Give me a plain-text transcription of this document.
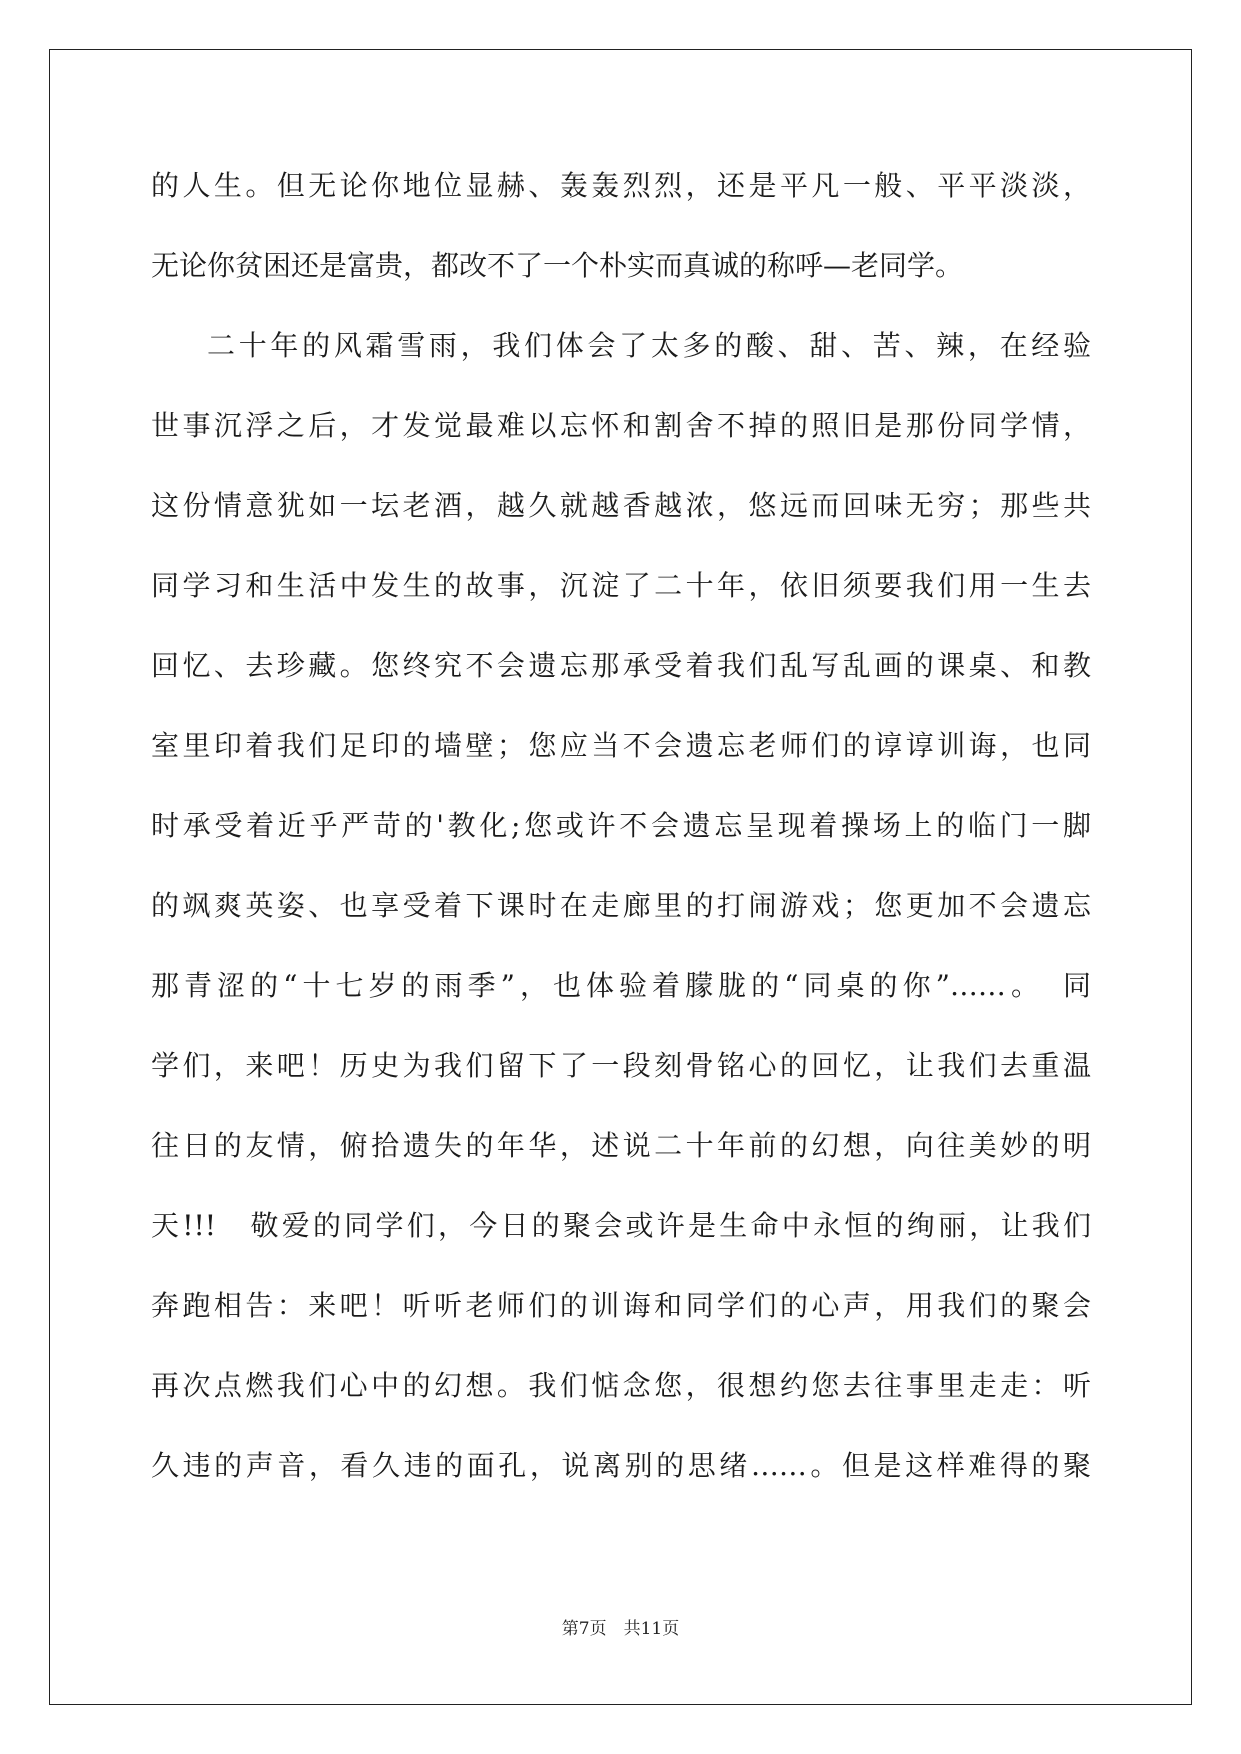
的人生。但无论你地位显赫、轰轰烈烈，还是平凡一般、平平淡淡，
无论你贫困还是富贵，都改不了一个朴实而真诚的称呼—老同学。
二十年的风霜雪雨，我们体会了太多的酸、甜、苦、辣，在经验
世事沉浮之后，才发觉最难以忘怀和割舍不掉的照旧是那份同学情，
这份情意犹如一坛老酒，越久就越香越浓，悠远而回味无穷；那些共
同学习和生活中发生的故事，沉淀了二十年，依旧须要我们用一生去
回忆、去珍藏。您终究不会遗忘那承受着我们乱写乱画的课桌、和教
室里印着我们足印的墙壁；您应当不会遗忘老师们的谆谆训诲，也同
时承受着近乎严苛的'教化;您或许不会遗忘呈现着操场上的临门一脚
的飒爽英姿、也享受着下课时在走廊里的打闹游戏；您更加不会遗忘
那青涩的“十七岁的雨季”，也体验着朦胧的“同桌的你”……。　同
学们，来吧！历史为我们留下了一段刻骨铭心的回忆，让我们去重温
往日的友情，俯拾遗失的年华，述说二十年前的幻想，向往美妙的明
天!!!　敬爱的同学们，今日的聚会或许是生命中永恒的绚丽，让我们
奔跑相告：来吧！听听老师们的训诲和同学们的心声，用我们的聚会
再次点燃我们心中的幻想。我们惦念您，很想约您去往事里走走：听
久违的声音，看久违的面孔，说离别的思绪……。但是这样难得的聚
第7页　共11页
